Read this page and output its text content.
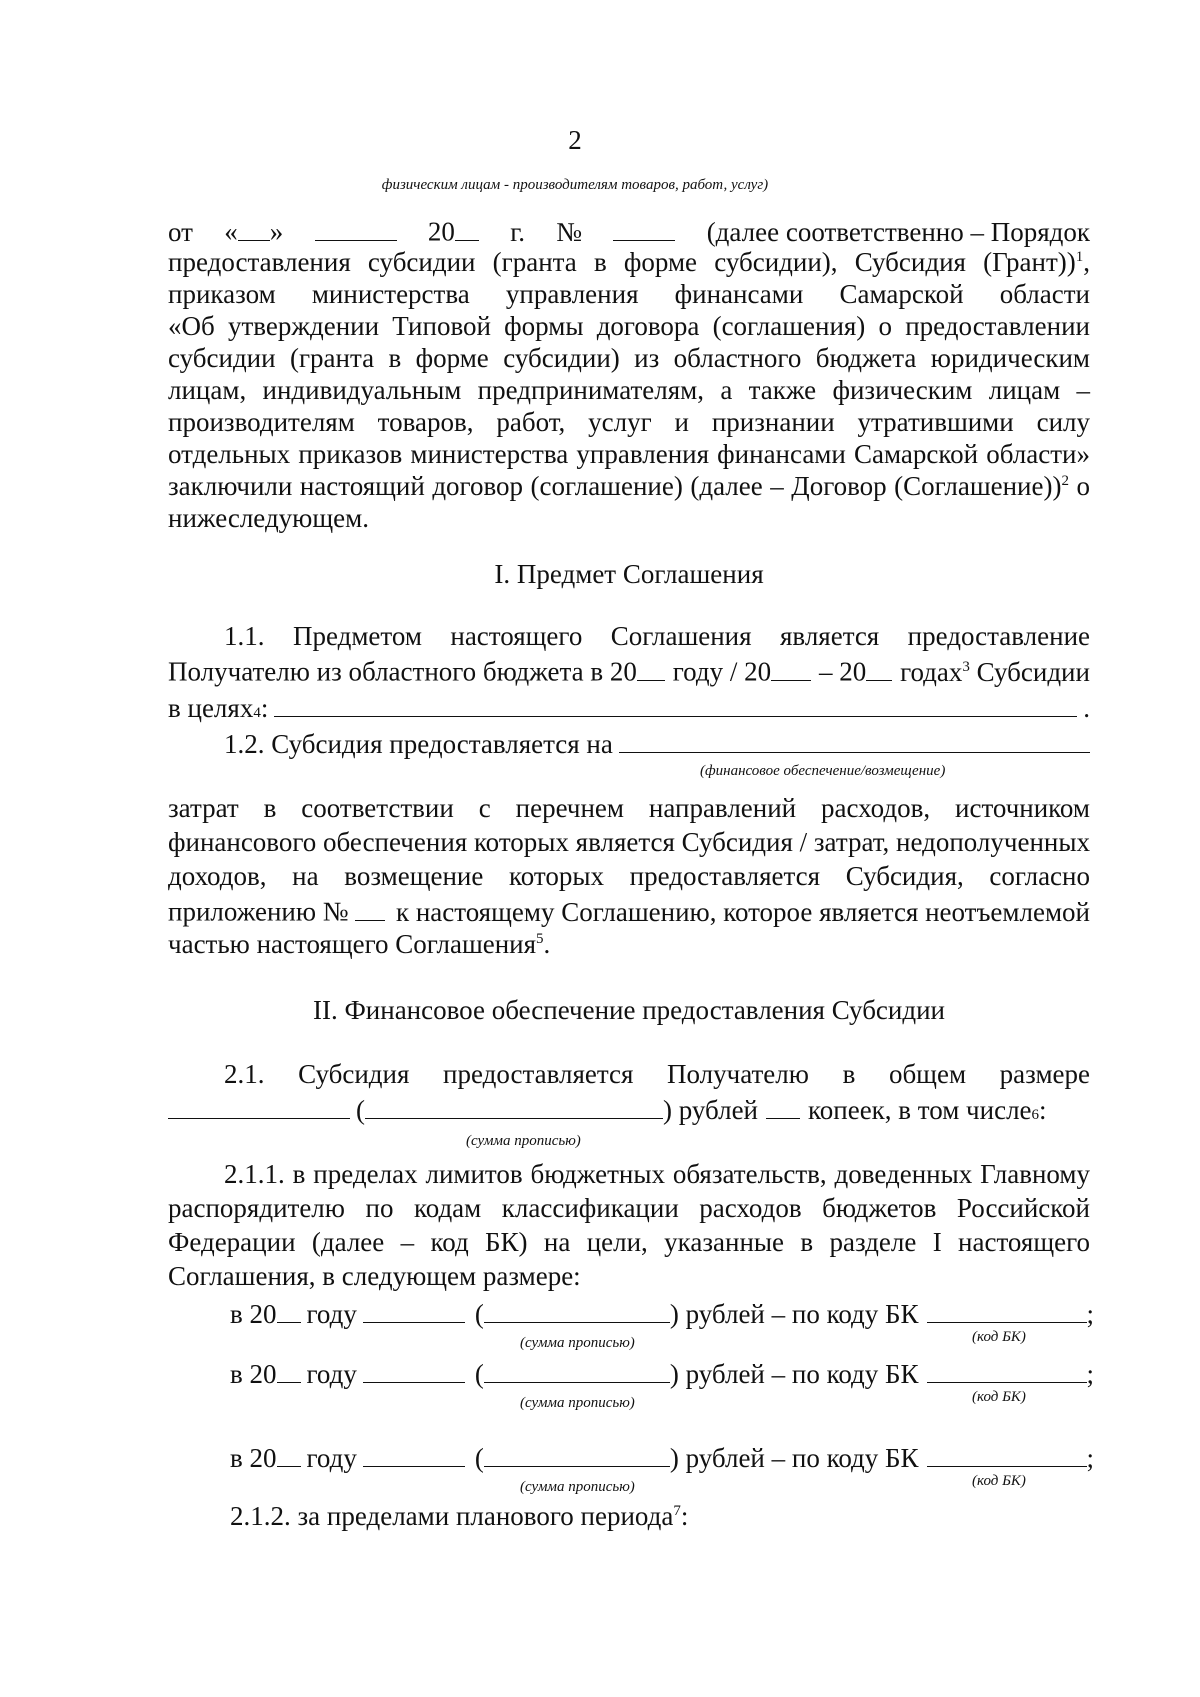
2
физическим лицам - производителям товаров, работ, услуг)
от « »	20	г. №	(далее соответственно – Порядок
предоставления субсидии (гранта в форме субсидии), Субсидия (Грант))$^1$,
приказом министерства управления финансами Самарской области
«Об утверждении Типовой формы договора (соглашения) о предоставлении
субсидии (гранта в форме субсидии) из областного бюджета юридическим
лицам, индивидуальным предпринимателям, а также физическим лицам –
производителям товаров, работ, услуг и признании утратившими силу
отдельных приказов министерства управления финансами Самарской области»
заключили настоящий договор (соглашение) (далее – Договор (Соглашение))$^2$ о
нижеследующем.
I. Предмет Соглашения
1.1. Предметом настоящего Соглашения является предоставление
Получателю из областного бюджета в 20	году / 20	– 20	годах$^3$ Субсидии
в целях 4 :	.
1.2. Субсидия предоставляется на
(финансовое обеспечение/возмещение)
затрат в соответствии с перечнем направлений расходов, источником
финансового обеспечения которых является Субсидия / затрат, недополученных
доходов, на возмещение которых предоставляется Субсидия, согласно
приложению №	к настоящему Соглашению, которое является неотъемлемой
частью настоящего Соглашения$^5$.
II. Финансовое обеспечение предоставления Субсидии
2.1. Субсидия предоставляется Получателю в общем размере
(	) рублей копеек, в том числе 6 :
(сумма прописью)
2.1.1. в пределах лимитов бюджетных обязательств, доведенных Главному
распорядителю по кодам классификации расходов бюджетов Российской
Федерации (далее – код БК) на цели, указанные в разделе I настоящего
Соглашения, в следующем размере:
в 20 году	(	) рублей – по коду БК	;
(сумма прописью)	(код БК)
в 20 году	(	) рублей – по коду БК	;
(сумма прописью)	(код БК)
в 20 году	(	) рублей – по коду БК	;
(сумма прописью)	(код БК)
2.1.2. за пределами планового периода$^7$:
